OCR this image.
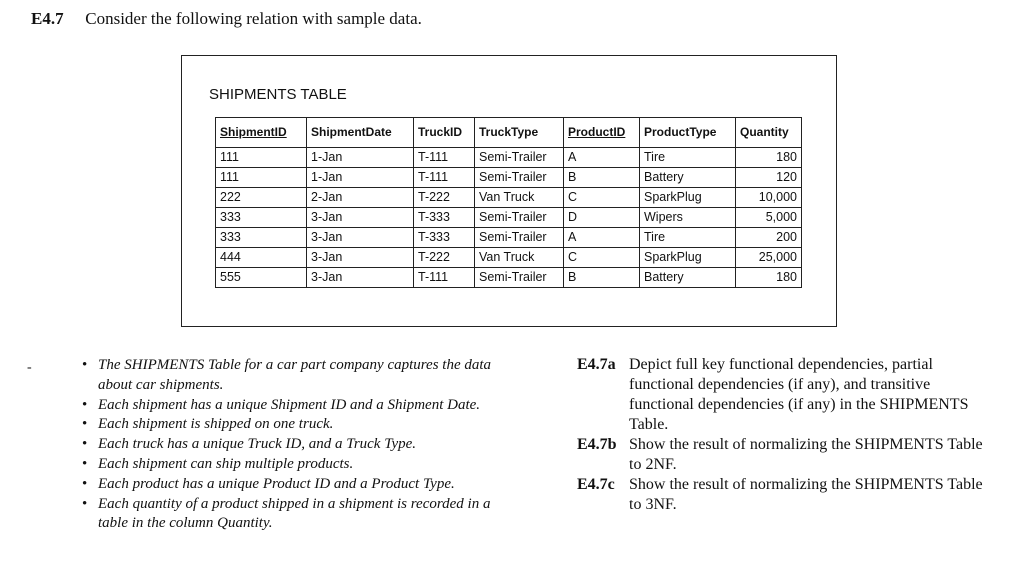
E4.7 Consider the following relation with sample data.
SHIPMENTS TABLE
ShipmentID	ShipmentDate	TruckID	TruckType	ProductID	ProductType	Quantity
111	1-Jan	T-111	Semi-Trailer	A	Tire	180
111	1-Jan	T-111	Semi-Trailer	B	Battery	120
222	2-Jan	T-222	Van Truck	C	SparkPlug	10,000
333	3-Jan	T-333	Semi-Trailer	D	Wipers	5,000
333	3-Jan	T-333	Semi-Trailer	A	Tire	200
444	3-Jan	T-222	Van Truck	C	SparkPlug	25,000
555	3-Jan	T-111	Semi-Trailer	B	Battery	180
-	• The SHIPMENTS Table for a car part company captures the data about car shipments.
• Each shipment has a unique Shipment ID and a Shipment Date.
• Each shipment is shipped on one truck.
• Each truck has a unique Truck ID, and a Truck Type.
• Each shipment can ship multiple products.
• Each product has a unique Product ID and a Product Type.
• Each quantity of a product shipped in a shipment is recorded in a table in the column Quantity.
E4.7a Depict full key functional dependencies, partial functional dependencies (if any), and transitive functional dependencies (if any) in the SHIPMENTS Table.
E4.7b Show the result of normalizing the SHIPMENTS Table to 2NF.
E4.7c Show the result of normalizing the SHIPMENTS Table to 3NF.
